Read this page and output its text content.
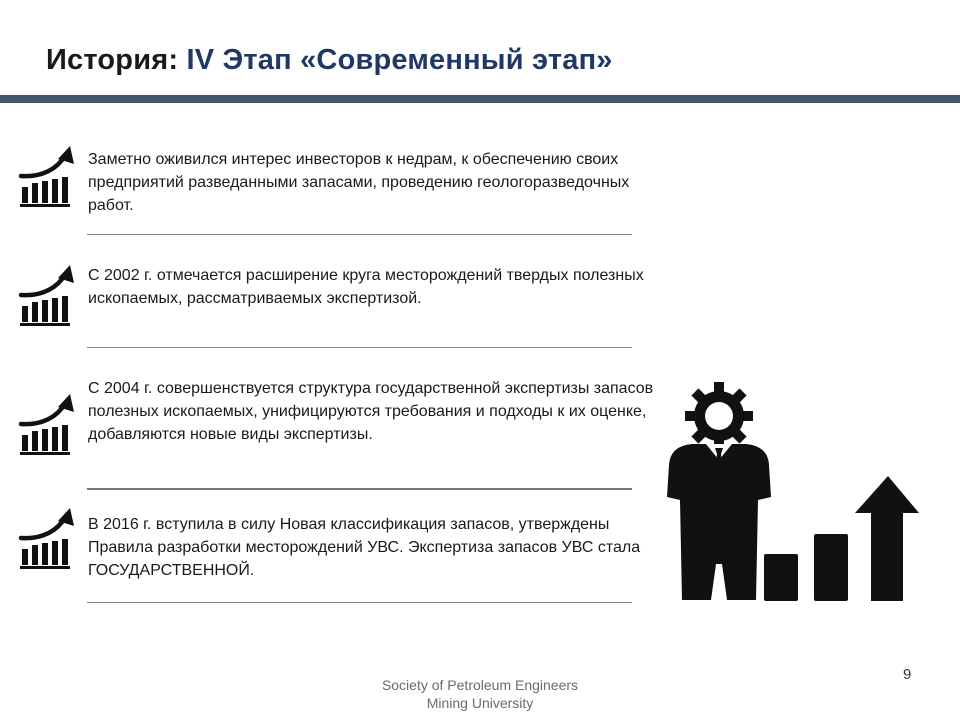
История: IV Этап «Современный этап»
Заметно оживился интерес инвесторов к недрам, к обеспечению своих предприятий разведанными запасами, проведению геологоразведочных работ.
С 2002 г. отмечается расширение круга месторождений твердых полезных ископаемых, рассматриваемых экспертизой.
С 2004 г. совершенствуется структура государственной экспертизы запасов полезных ископаемых, унифицируются требования и подходы к их оценке, добавляются новые виды экспертизы.
В 2016 г. вступила в силу Новая классификация запасов, утверждены Правила разработки месторождений УВС. Экспертиза запасов УВС стала ГОСУДАРСТВЕННОЙ.
9
Society of Petroleum Engineers
Mining University
